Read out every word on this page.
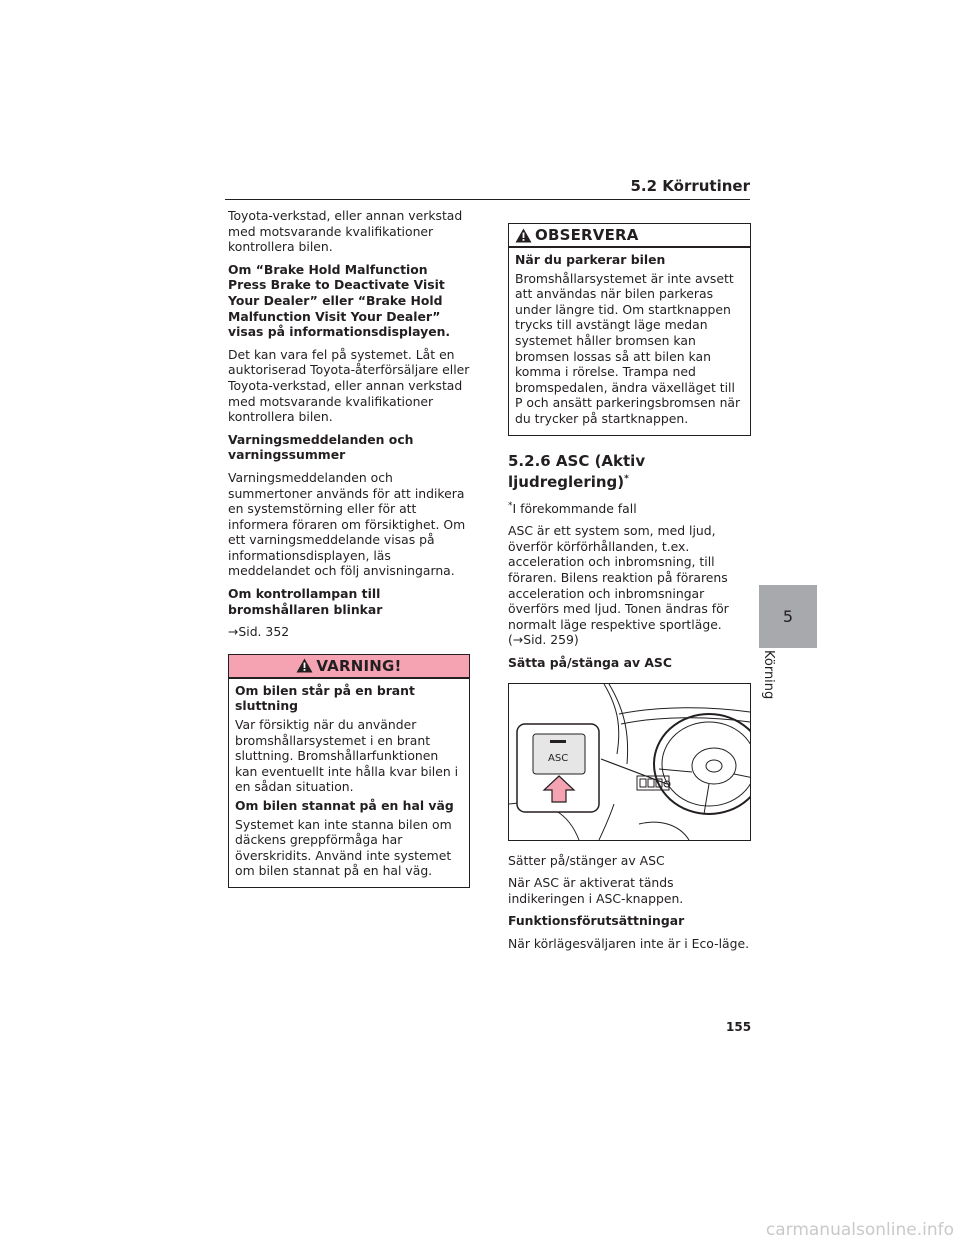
5.2 Körrutiner

Toyota-verkstad, eller annan verkstad med motsvarande kvalifikationer kontrollera bilen.

Om “Brake Hold Malfunction Press Brake to Deactivate Visit Your Dealer” eller “Brake Hold Malfunction Visit Your Dealer” visas på informationsdisplayen.

Det kan vara fel på systemet. Låt en auktoriserad Toyota-återförsäljare eller Toyota-verkstad, eller annan verkstad med motsvarande kvalifikationer kontrollera bilen.

Varningsmeddelanden och varningssummer

Varningsmeddelanden och summertoner används för att indikera en systemstörning eller för att informera föraren om försiktighet. Om ett varningsmeddelande visas på informationsdisplayen, läs meddelandet och följ anvisningarna.

Om kontrollampan till bromshållaren blinkar

→Sid. 352

VARNING!

Om bilen står på en brant sluttning

Var försiktig när du använder bromshållarsystemet i en brant sluttning. Bromshållarfunktionen kan eventuellt inte hålla kvar bilen i en sådan situation.

Om bilen stannat på en hal väg

Systemet kan inte stanna bilen om däckens greppförmåga har överskridits. Använd inte systemet om bilen stannat på en hal väg.

OBSERVERA

När du parkerar bilen

Bromshållarsystemet är inte avsett att användas när bilen parkeras under längre tid. Om startknappen trycks till avstängt läge medan systemet håller bromsen kan bromsen lossas så att bilen kan komma i rörelse. Trampa ned bromspedalen, ändra växelläget till P och ansätt parkeringsbromsen när du trycker på startknappen.

5.2.6 ASC (Aktiv ljudreglering)*

*I förekommande fall

ASC är ett system som, med ljud, överför körförhållanden, t.ex. acceleration och inbromsning, till föraren. Bilens reaktion på förarens acceleration och inbromsningar överförs med ljud. Tonen ändras för normalt läge respektive sportläge. (→Sid. 259)

Sätta på/stänga av ASC

ASC

Sätter på/stänger av ASC

När ASC är aktiverat tänds indikeringen i ASC-knappen.

Funktionsförutsättningar

När körlägesväljaren inte är i Eco-läge.

5
Körning
155
carmanualsonline.info
